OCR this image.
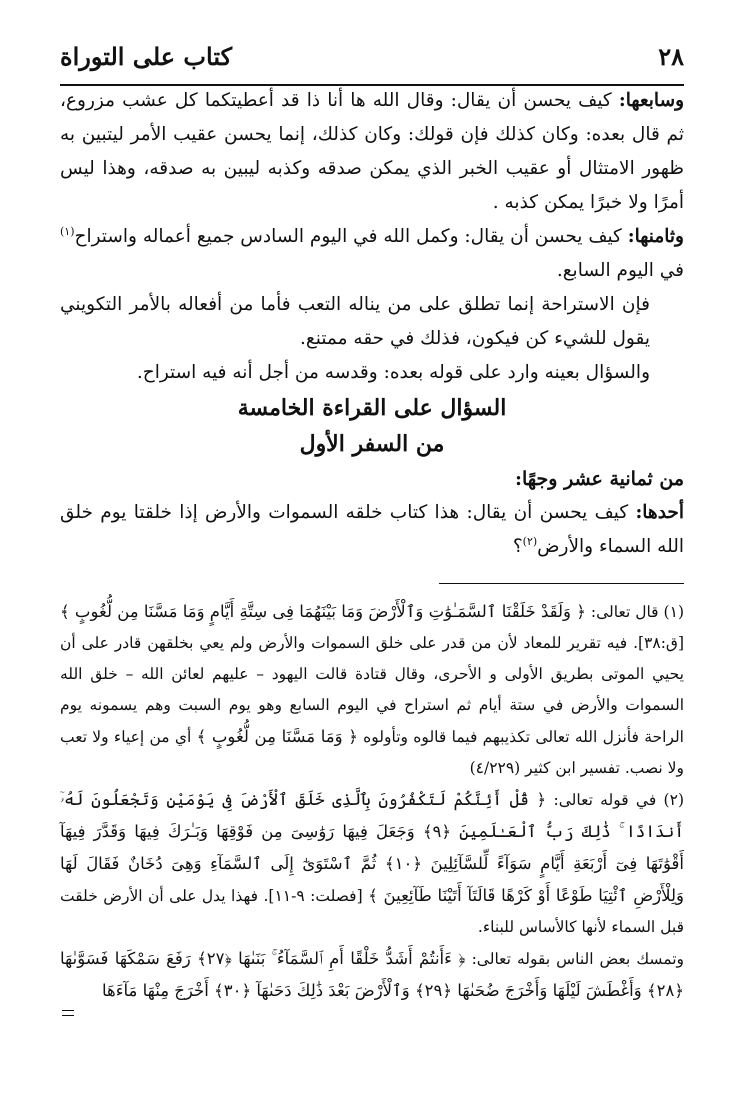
٢٨
كتاب على التوراة

وسابعها: كيف يحسن أن يقال: وقال الله ها أنا ذا قد أعطيتكما كل عشب مزروع، ثم قال بعده: وكان كذلك فإن قولك: وكان كذلك، إنما يحسن عقيب الأمر ليتبين به ظهور الامتثال أو عقيب الخبر الذي يمكن صدقه وكذبه ليبين به صدقه، وهذا ليس أمرًا ولا خبرًا يمكن كذبه .

وثامنها: كيف يحسن أن يقال: وكمل الله في اليوم السادس جميع أعماله واستراح$^{(١)}$ في اليوم السابع.

فإن الاستراحة إنما تطلق على من يناله التعب فأما من أفعاله بالأمر التكويني يقول للشيء كن فيكون، فذلك في حقه ممتنع.

والسؤال بعينه وارد على قوله بعده: وقدسه من أجل أنه فيه استراح.

السؤال على القراءة الخامسة

من السفر الأول

من ثمانية عشر وجهًا:

أحدها: كيف يحسن أن يقال: هذا كتاب خلقه السموات والأرض إذا خلقتا يوم خلق الله السماء والأرض$^{(٢)}$؟

(١) قال تعالى: ﴿ وَلَقَدْ خَلَقْنَا ٱلسَّمَـٰوَٰتِ وَٱلْأَرْضَ وَمَا بَيْنَهُمَا فِى سِتَّةِ أَيَّامٍ وَمَا مَسَّنَا مِن لُّغُوبٍ ﴾ [ق:٣٨]. فيه تقرير للمعاد لأن من قدر على خلق السموات والأرض ولم يعي بخلقهن قادر على أن يحيي الموتى بطريق الأولى و الأحرى، وقال قتادة قالت اليهود – عليهم لعائن الله – خلق الله السموات والأرض في ستة أيام ثم استراح في اليوم السابع وهو يوم السبت وهم يسمونه يوم الراحة فأنزل الله تعالى تكذيبهم فيما قالوه وتأولوه ﴿ وَمَا مَسَّنَا مِن لُّغُوبٍ ﴾ أي من إعياء ولا تعب ولا نصب. تفسير ابن كثير (٤/٢٢٩)

(٢) في قوله تعالى: ﴿ قُلْ أَئِنَّكُمْ لَتَكْفُرُونَ بِٱلَّذِى خَلَقَ ٱلْأَرْضَ فِى يَوْمَيْنِ وَتَجْعَلُونَ لَهُۥٓ أَندَادًا ۚ ذَٰلِكَ رَبُّ ٱلْعَـٰلَمِينَ ﴿٩﴾ وَجَعَلَ فِيهَا رَوَٰسِىَ مِن فَوْقِهَا وَبَـٰرَكَ فِيهَا وَقَدَّرَ فِيهَآ أَقْوَٰتَهَا فِىٓ أَرْبَعَةِ أَيَّامٍ سَوَآءً لِّلسَّآئِلِينَ ﴿١٠﴾ ثُمَّ ٱسْتَوَىٰٓ إِلَى ٱلسَّمَآءِ وَهِىَ دُخَانٌ فَقَالَ لَهَا وَلِلْأَرْضِ ٱئْتِيَا طَوْعًا أَوْ كَرْهًا قَالَتَآ أَتَيْنَا طَآئِعِينَ ﴾ [فصلت: ٩-١١]. فهذا يدل على أن الأرض خلقت قبل السماء لأنها كالأساس للبناء.

وتمسك بعض الناس بقوله تعالى: ﴿ ءَأَنتُمْ أَشَدُّ خَلْقًا أَمِ ٱلسَّمَآءُ ۚ بَنَىٰهَا ﴿٢٧﴾ رَفَعَ سَمْكَهَا فَسَوَّىٰهَا ﴿٢٨﴾ وَأَغْطَشَ لَيْلَهَا وَأَخْرَجَ ضُحَىٰهَا ﴿٢٩﴾ وَٱلْأَرْضَ بَعْدَ ذَٰلِكَ دَحَىٰهَآ ﴿٣٠﴾ أَخْرَجَ مِنْهَا مَآءَهَا
